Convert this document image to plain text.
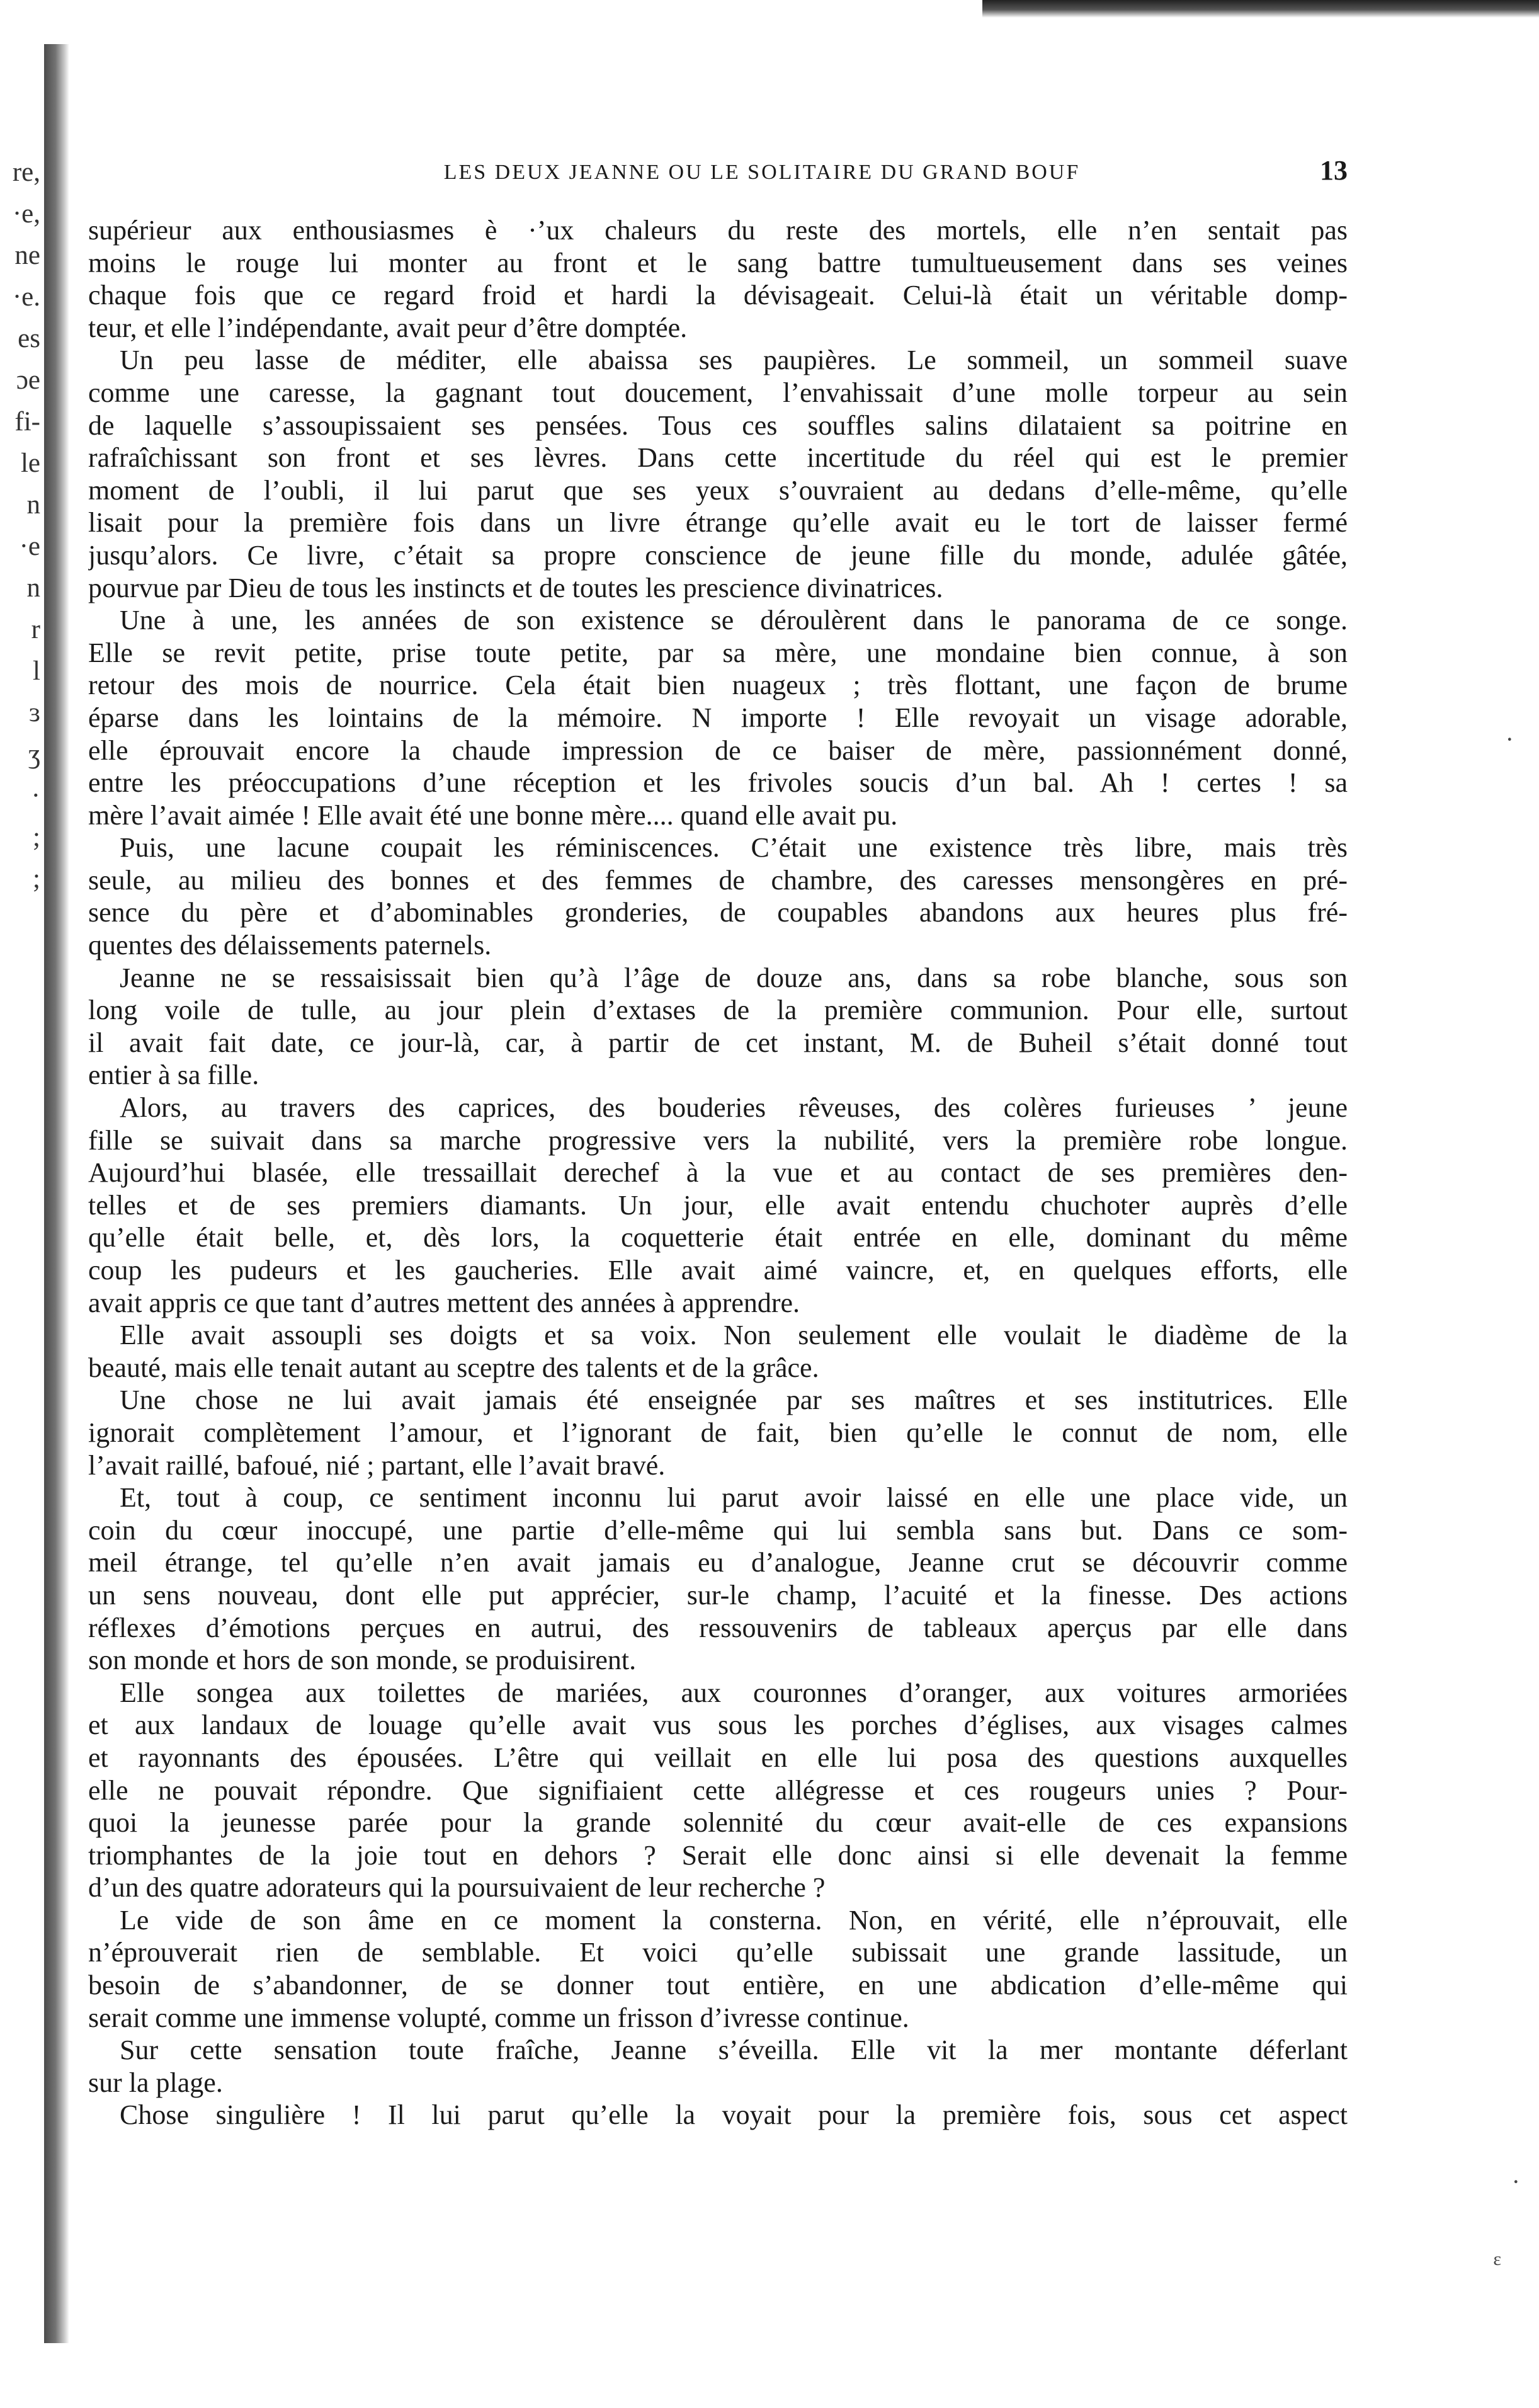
re,
·e,
ne
·e.
es
ɔe
fi-
le
n
·e
n
r
l
ɜ
ʒ
·
;
;
LES DEUX JEANNE OU LE SOLITAIRE DU GRAND BOUF	13
supérieur aux enthousiasmes è ·’ux chaleurs du reste des mortels, elle n’en sentait pas
moins le rouge lui monter au front et le sang battre tumultueusement dans ses veines
chaque fois que ce regard froid et hardi la dévisageait. Celui-là était un véritable domp-
teur, et elle l’indépendante, avait peur d’être domptée.
Un peu lasse de méditer, elle abaissa ses paupières. Le sommeil, un sommeil suave
comme une caresse, la gagnant tout doucement, l’envahissait d’une molle torpeur au sein
de laquelle s’assoupissaient ses pensées. Tous ces souffles salins dilataient sa poitrine en
rafraîchissant son front et ses lèvres. Dans cette incertitude du réel qui est le premier
moment de l’oubli, il lui parut que ses yeux s’ouvraient au dedans d’elle-même, qu’elle
lisait pour la première fois dans un livre étrange qu’elle avait eu le tort de laisser fermé
jusqu’alors. Ce livre, c’était sa propre conscience de jeune fille du monde, adulée gâtée,
pourvue par Dieu de tous les instincts et de toutes les prescience divinatrices.
Une à une, les années de son existence se déroulèrent dans le panorama de ce songe.
Elle se revit petite, prise toute petite, par sa mère, une mondaine bien connue, à son
retour des mois de nourrice. Cela était bien nuageux ; très flottant, une façon de brume
éparse dans les lointains de la mémoire. N importe ! Elle revoyait un visage adorable,
elle éprouvait encore la chaude impression de ce baiser de mère, passionnément donné,
entre les préoccupations d’une réception et les frivoles soucis d’un bal. Ah ! certes ! sa
mère l’avait aimée ! Elle avait été une bonne mère.... quand elle avait pu.
Puis, une lacune coupait les réminiscences. C’était une existence très libre, mais très
seule, au milieu des bonnes et des femmes de chambre, des caresses mensongères en pré-
sence du père et d’abominables gronderies, de coupables abandons aux heures plus fré-
quentes des délaissements paternels.
Jeanne ne se ressaisissait bien qu’à l’âge de douze ans, dans sa robe blanche, sous son
long voile de tulle, au jour plein d’extases de la première communion. Pour elle, surtout
il avait fait date, ce jour-là, car, à partir de cet instant, M. de Buheil s’était donné tout
entier à sa fille.
Alors, au travers des caprices, des bouderies rêveuses, des colères furieuses ’ jeune
fille se suivait dans sa marche progressive vers la nubilité, vers la première robe longue.
Aujourd’hui blasée, elle tressaillait derechef à la vue et au contact de ses premières den-
telles et de ses premiers diamants. Un jour, elle avait entendu chuchoter auprès d’elle
qu’elle était belle, et, dès lors, la coquetterie était entrée en elle, dominant du même
coup les pudeurs et les gaucheries. Elle avait aimé vaincre, et, en quelques efforts, elle
avait appris ce que tant d’autres mettent des années à apprendre.
Elle avait assoupli ses doigts et sa voix. Non seulement elle voulait le diadème de la
beauté, mais elle tenait autant au sceptre des talents et de la grâce.
Une chose ne lui avait jamais été enseignée par ses maîtres et ses institutrices. Elle
ignorait complètement l’amour, et l’ignorant de fait, bien qu’elle le connut de nom, elle
l’avait raillé, bafoué, nié ; partant, elle l’avait bravé.
Et, tout à coup, ce sentiment inconnu lui parut avoir laissé en elle une place vide, un
coin du cœur inoccupé, une partie d’elle-même qui lui sembla sans but. Dans ce som-
meil étrange, tel qu’elle n’en avait jamais eu d’analogue, Jeanne crut se découvrir comme
un sens nouveau, dont elle put apprécier, sur-le champ, l’acuité et la finesse. Des actions
réflexes d’émotions perçues en autrui, des ressouvenirs de tableaux aperçus par elle dans
son monde et hors de son monde, se produisirent.
Elle songea aux toilettes de mariées, aux couronnes d’oranger, aux voitures armoriées
et aux landaux de louage qu’elle avait vus sous les porches d’églises, aux visages calmes
et rayonnants des épousées. L’être qui veillait en elle lui posa des questions auxquelles
elle ne pouvait répondre. Que signifiaient cette allégresse et ces rougeurs unies ? Pour-
quoi la jeunesse parée pour la grande solennité du cœur avait-elle de ces expansions
triomphantes de la joie tout en dehors ? Serait elle donc ainsi si elle devenait la femme
d’un des quatre adorateurs qui la poursuivaient de leur recherche ?
Le vide de son âme en ce moment la consterna. Non, en vérité, elle n’éprouvait, elle
n’éprouverait rien de semblable. Et voici qu’elle subissait une grande lassitude, un
besoin de s’abandonner, de se donner tout entière, en une abdication d’elle-même qui
serait comme une immense volupté, comme un frisson d’ivresse continue.
Sur cette sensation toute fraîche, Jeanne s’éveilla. Elle vit la mer montante déferlant
sur la plage.
Chose singulière ! Il lui parut qu’elle la voyait pour la première fois, sous cet aspect
·
·
ɛ
